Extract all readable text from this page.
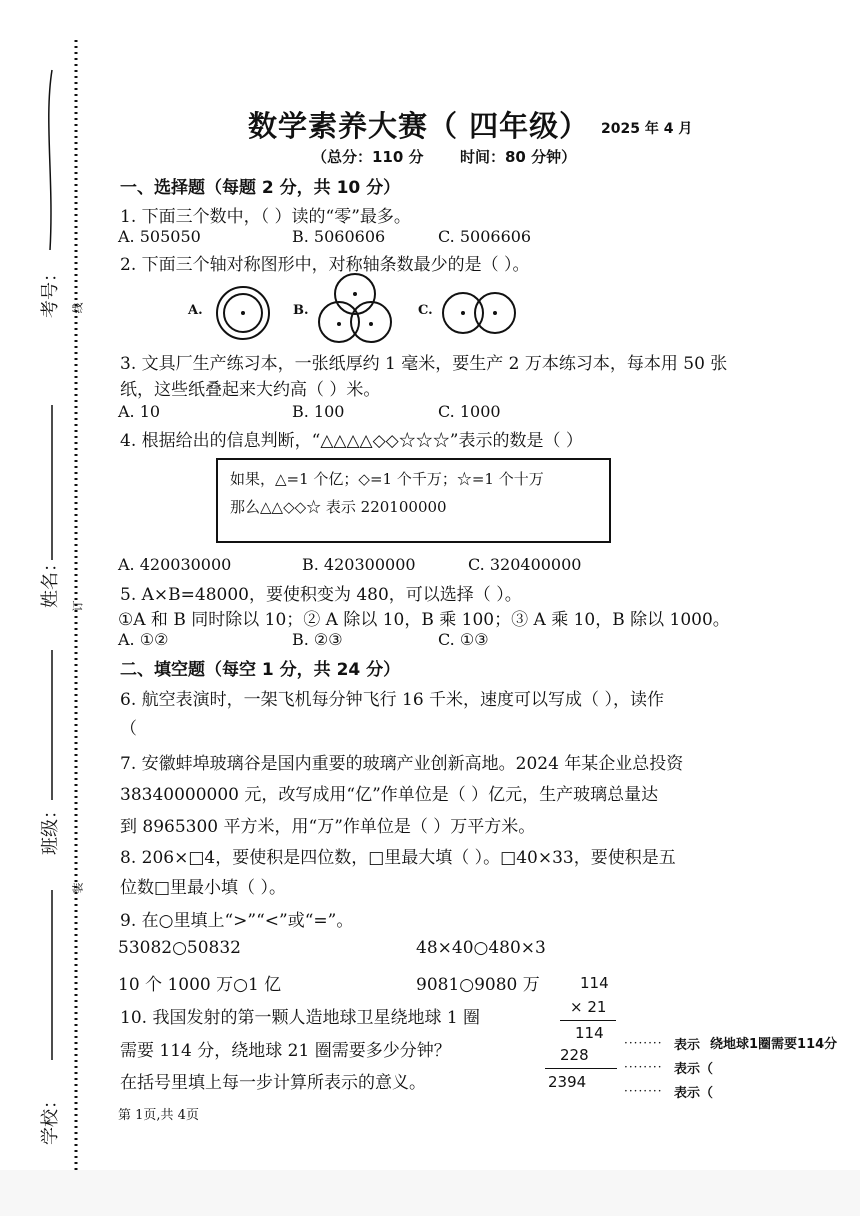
考号：
姓名：
班级：
学校：
线
订
装
数学素养大赛（ 四年级） 2025 年 4 月
（总分：110 分 时间：80 分钟）
一、选择题（每题 2 分，共 10 分）
1. 下面三个数中，（ ）读的“零”最多。
A. 505050	B. 5060606	C. 5006606
2. 下面三个轴对称图形中，对称轴条数最少的是（ ）。
A.	B.	C.
3. 文具厂生产练习本，一张纸厚约 1 毫米，要生产 2 万本练习本，每本用 50 张
纸，这些纸叠起来大约高（ ）米。
A. 10	B. 100	C. 1000
4. 根据给出的信息判断，“△△△△◇◇☆☆☆”表示的数是（ ）
如果，△=1 个亿；◇=1 个千万；☆=1 个十万
那么△△◇◇☆ 表示 220100000
A. 420030000	B. 420300000	C. 320400000
5. A×B=48000，要使积变为 480，可以选择（ ）。
①A 和 B 同时除以 10；② A 除以 10，B 乘 100；③ A 乘 10，B 除以 1000。
A. ①②	B. ②③	C. ①③
二、填空题（每空 1 分，共 24 分）
6. 航空表演时，一架飞机每分钟飞行 16 千米，速度可以写成（ ），读作
（
7. 安徽蚌埠玻璃谷是国内重要的玻璃产业创新高地。2024 年某企业总投资
38340000000 元，改写成用“亿”作单位是（ ）亿元，生产玻璃总量达
到 8965300 平方米，用“万”作单位是（ ）万平方米。
8. 206×□4，要使积是四位数，□里最大填（ ）。□40×33，要使积是五
位数□里最小填（ ）。
9. 在○里填上“>”“<”或“=”。
53082○50832	48×40○480×3
10 个 1000 万○1 亿	9081○9080 万
10. 我国发射的第一颗人造地球卫星绕地球 1 圈
需要 114 分，绕地球 21 圈需要多少分钟？
在括号里填上每一步计算所表示的意义。
114
× 21
114
228
2394
········ 表示 绕地球1圈需要114分
········ 表示（
········ 表示（
第 1页,共 4页
